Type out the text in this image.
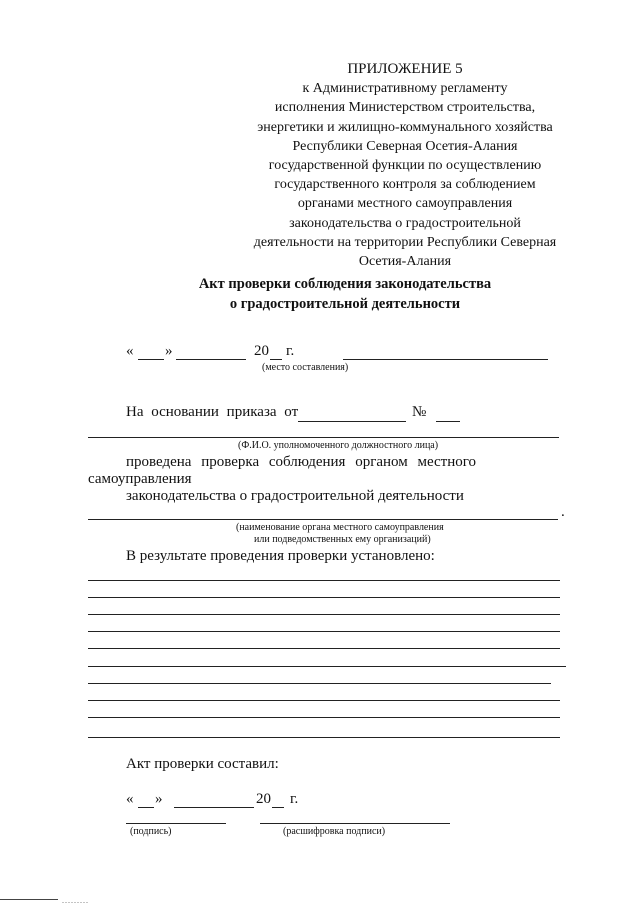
ПРИЛОЖЕНИЕ 5
к Административному регламенту
исполнения Министерством строительства,
энергетики и жилищно-коммунального хозяйства
Республики Северная Осетия-Алания
государственной функции по осуществлению
государственного контроля за соблюдением
органами местного самоуправления
законодательства о градостроительной
деятельности на территории Республики Северная
Осетия-Алания
Акт проверки соблюдения законодательства
о градостроительной деятельности
« »	20 г.
(место составления)
На основании приказа от	№
(Ф.И.О. уполномоченного должностного лица)
проведена проверка соблюдения органом местного
самоуправления
законодательства о градостроительной деятельности
.
(наименование органа местного самоуправления
или подведомственных ему организаций)
В результате проведения проверки установлено:
Акт проверки составил:
« »	20 г.
(подпись)	(расшифровка подписи)
.........
